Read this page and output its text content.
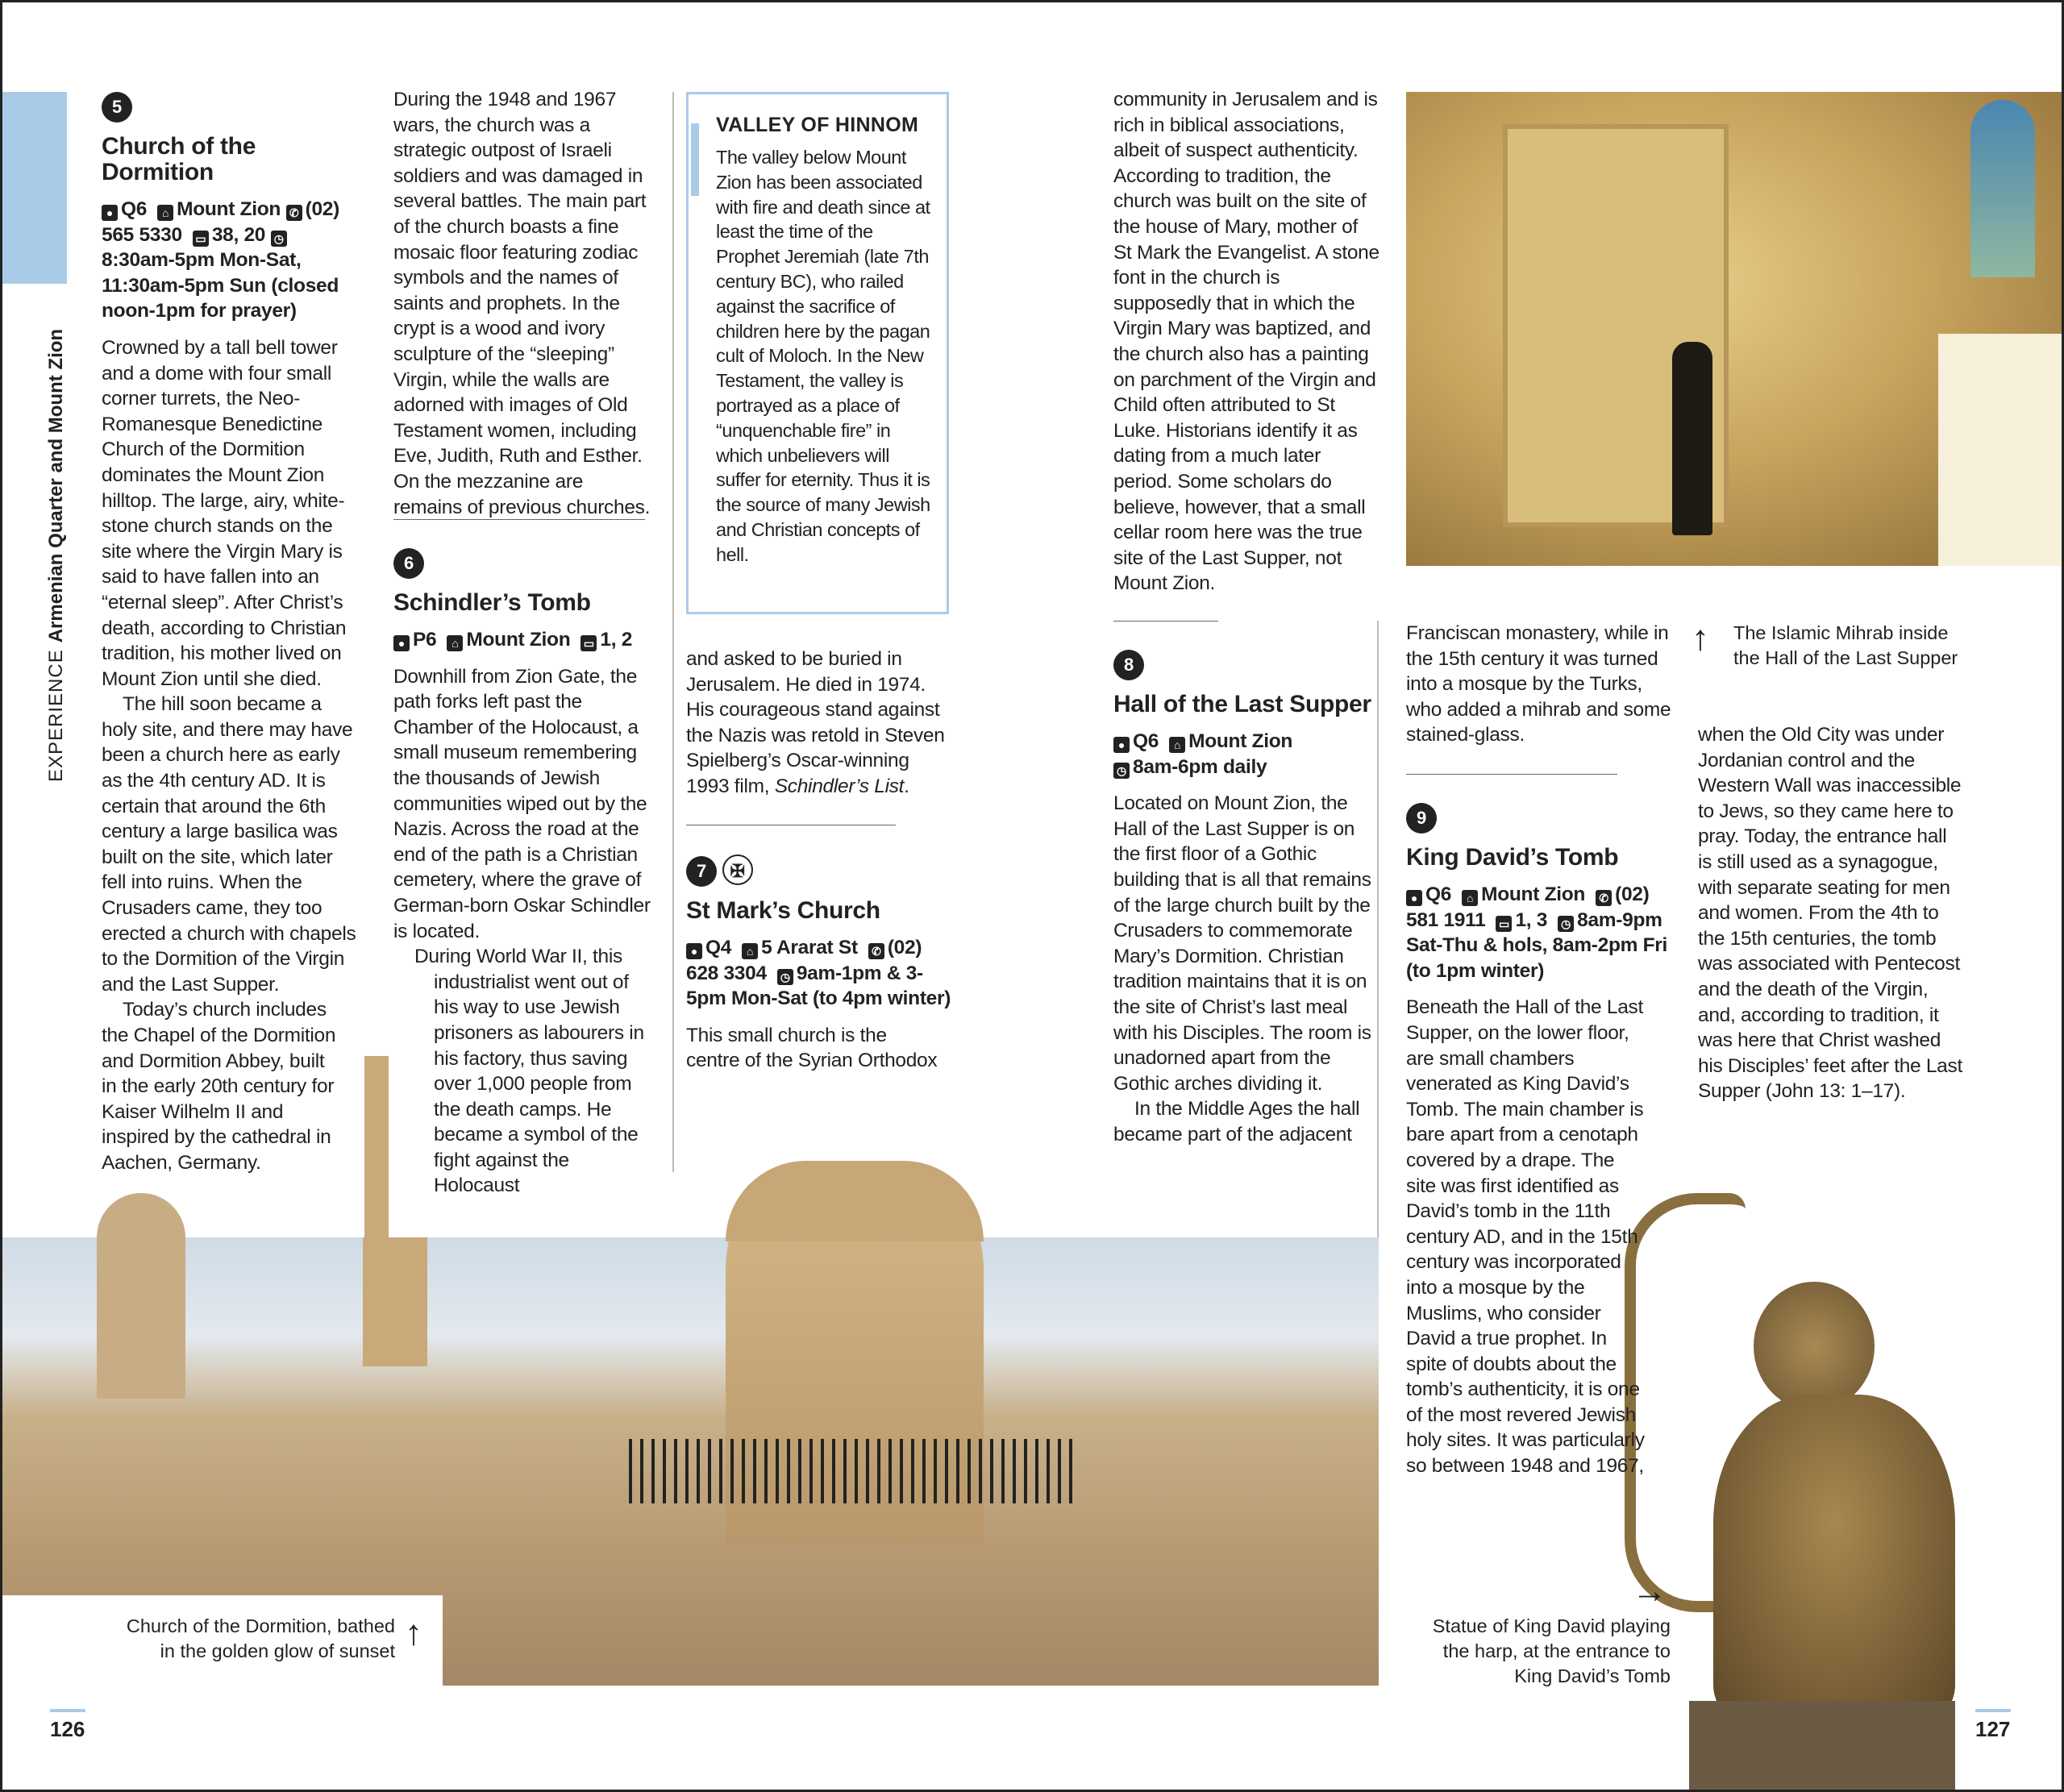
EXPERIENCEArmenian Quarter and Mount Zion
5
Church of the Dormition
● Q6 ⌂ Mount Zion ✆ (02) 565 5330 ▭ 38, 20 ◷8:30am-5pm Mon-Sat, 11:30am-5pm Sun (closed noon-1pm for prayer)

Crowned by a tall bell tower and a dome with four small corner turrets, the Neo-Romanesque Benedictine Church of the Dormition dominates the Mount Zion hilltop. The large, airy, white-stone church stands on the site where the Virgin Mary is said to have fallen into an “eternal sleep”. After Christ’s death, according to Christian tradition, his mother lived on Mount Zion until she died.

The hill soon became a holy site, and there may have been a church here as early as the 4th century AD. It is certain that around the 6th century a large basilica was built on the site, which later fell into ruins. When the Crusaders came, they too erected a church with chapels to the Dormition of the Virgin and the Last Supper.

Today’s church includes the Chapel of the Dormition and Dormition Abbey, built in the early 20th century for Kaiser Wilhelm II and inspired by the cathedral in Aachen, Germany.

During the 1948 and 1967 wars, the church was a strategic outpost of Israeli soldiers and was damaged in several battles. The main part of the church boasts a fine mosaic floor featuring zodiac symbols and the names of saints and prophets. In the crypt is a wood and ivory sculpture of the “sleeping” Virgin, while the walls are adorned with images of Old Testament women, including Eve, Judith, Ruth and Esther. On the mezzanine are remains of previous churches.

6
Schindler’s Tomb
● P6 ⌂ Mount Zion ▭ 1, 2

Downhill from Zion Gate, the path forks left past the Chamber of the Holocaust, a small museum remembering the thousands of Jewish communities wiped out by the Nazis. Across the road at the end of the path is a Christian cemetery, where the grave of German-born Oskar Schindler is located.

During World War II, this industrialist went out of his way to use Jewish prisoners as labourers in his factory, thus saving over 1,000 people from the death camps. He became a symbol of the fight against the Holocaust

VALLEY OF HINNOM

The valley below Mount Zion has been associated with fire and death since at least the time of the Prophet Jeremiah (late 7th century BC), who railed against the sacrifice of children here by the pagan cult of Moloch. In the New Testament, the valley is portrayed as a place of “unquenchable fire” in which unbelievers will suffer for eternity. Thus it is the source of many Jewish and Christian concepts of hell.

and asked to be buried in Jerusalem. He died in 1974. His courageous stand against the Nazis was retold in Steven Spielberg’s Oscar-winning 1993 film, Schindler’s List.

7 ✠
St Mark’s Church
● Q4 ⌂ 5 Ararat St ✆ (02) 628 3304 ◷ 9am-1pm & 3-5pm Mon-Sat (to 4pm winter)

This small church is the centre of the Syrian Orthodox

community in Jerusalem and is rich in biblical associations, albeit of suspect authenticity. According to tradition, the church was built on the site of the house of Mary, mother of St Mark the Evangelist. A stone font in the church is supposedly that in which the Virgin Mary was baptized, and the church also has a painting on parchment of the Virgin and Child often attributed to St Luke. Historians identify it as dating from a much later period. Some scholars do believe, however, that a small cellar room here was the true site of the Last Supper, not Mount Zion.

8
Hall of the Last Supper
● Q6 ⌂ Mount Zion
◷ 8am-6pm daily

Located on Mount Zion, the Hall of the Last Supper is on the first floor of a Gothic building that is all that remains of the large church built by the Crusaders to commemorate Mary’s Dormition. Christian tradition maintains that it is on the site of Christ’s last meal with his Disciples. The room is unadorned apart from the Gothic arches dividing it.

In the Middle Ages the hall became part of the adjacent

Franciscan monastery, while in the 15th century it was turned into a mosque by the Turks, who added a mihrab and some stained-glass.

9
King David’s Tomb
● Q6 ⌂ Mount Zion ✆ (02) 581 1911 ▭ 1, 3 ◷ 8am-9pm Sat-Thu & hols, 8am-2pm Fri (to 1pm winter)

Beneath the Hall of the Last Supper, on the lower floor, are small chambers venerated as King David’s Tomb. The main chamber is bare apart from a cenotaph covered by a drape. The site was first identified as David’s tomb in the 11th century AD, and in the 15th century was incorporated into a mosque by the Muslims, who consider David a true prophet. In spite of doubts about the tomb’s authenticity, it is one of the most revered Jewish holy sites. It was particularly so between 1948 and 1967,

↑ The Islamic Mihrab inside the Hall of the Last Supper

when the Old City was under Jordanian control and the Western Wall was inaccessible to Jews, so they came here to pray. Today, the entrance hall is still used as a synagogue, with separate seating for men and women. From the 4th to the 15th centuries, the tomb was associated with Pentecost and the death of the Virgin, and, according to tradition, it was here that Christ washed his Disciples’ feet after the Last Supper (John 13: 1–17).

Church of the Dormition, bathed in the golden glow of sunset ↑
→
Statue of King David playing the harp, at the entrance to King David’s Tomb
126	127
